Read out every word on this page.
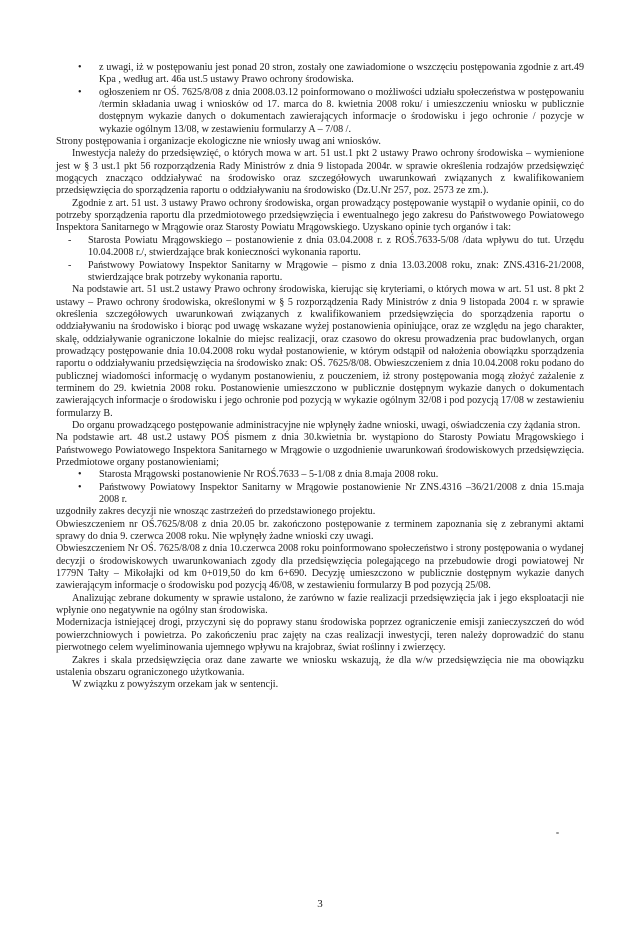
• z uwagi, iż w postępowaniu jest ponad 20 stron, zostały one zawiadomione o wszczęciu postępowania zgodnie z art.49 Kpa , według art. 46a ust.5 ustawy Prawo ochrony środowiska.
• ogłoszeniem nr OŚ. 7625/8/08 z dnia 2008.03.12 poinformowano o możliwości udziału społeczeństwa w postępowaniu /termin składania uwag i wniosków od 17. marca do 8. kwietnia 2008 roku/ i umieszczeniu wniosku w publicznie dostępnym wykazie danych o dokumentach zawierających informacje o środowisku i jego ochronie / pozycje w wykazie ogólnym 13/08, w zestawieniu formularzy A – 7/08 /.

Strony postępowania i organizacje ekologiczne nie wniosły uwag ani wniosków.

Inwestycja należy do przedsięwzięć, o których mowa w art. 51 ust.1 pkt 2 ustawy Prawo ochrony środowiska – wymienione jest w § 3 ust.1 pkt 56 rozporządzenia Rady Ministrów z dnia 9 listopada 2004r. w sprawie określenia rodzajów przedsięwzięć mogących znacząco oddziaływać na środowisko oraz szczegółowych uwarunkowań związanych z kwalifikowaniem przedsięwzięcia do sporządzenia raportu o oddziaływaniu na środowisko (Dz.U.Nr 257, poz. 2573 ze zm.).

Zgodnie z art. 51 ust. 3 ustawy Prawo ochrony środowiska, organ prowadzący postępowanie wystąpił o wydanie opinii, co do potrzeby sporządzenia raportu dla przedmiotowego przedsięwzięcia i ewentualnego jego zakresu do Państwowego Powiatowego Inspektora Sanitarnego w Mrągowie oraz Starosty Powiatu Mrągowskiego. Uzyskano opinie tych organów i tak:

- Starosta Powiatu Mrągowskiego – postanowienie z dnia 03.04.2008 r. z ROŚ.7633-5/08 /data wpływu do tut. Urzędu 10.04.2008 r./, stwierdzające brak konieczności wykonania raportu.
- Państwowy Powiatowy Inspektor Sanitarny w Mrągowie – pismo z dnia 13.03.2008 roku, znak: ZNS.4316-21/2008, stwierdzające brak potrzeby wykonania raportu.

Na podstawie art. 51 ust.2 ustawy Prawo ochrony środowiska, kierując się kryteriami, o których mowa w art. 51 ust. 8 pkt 2 ustawy – Prawo ochrony środowiska, określonymi w § 5 rozporządzenia Rady Ministrów z dnia 9 listopada 2004 r. w sprawie określenia szczegółowych uwarunkowań związanych z kwalifikowaniem przedsięwzięcia do sporządzenia raportu o oddziaływaniu na środowisko i biorąc pod uwagę wskazane wyżej postanowienia opiniujące, oraz ze względu na jego charakter, skalę, oddziaływanie ograniczone lokalnie do miejsc realizacji, oraz czasowo do okresu prowadzenia prac budowlanych, organ prowadzący postępowanie dnia 10.04.2008 roku wydał postanowienie, w którym odstąpił od nałożenia obowiązku sporządzenia raportu o oddziaływaniu przedsięwzięcia na środowisko znak: OŚ. 7625/8/08. Obwieszczeniem z dnia 10.04.2008 roku podano do publicznej wiadomości informację o wydanym postanowieniu, z pouczeniem, iż strony postępowania mogą złożyć zażalenie z terminem do 29. kwietnia 2008 roku. Postanowienie umieszczono w publicznie dostępnym wykazie danych o dokumentach zawierających informacje o środowisku i jego ochronie pod pozycją w wykazie ogólnym 32/08 i pod pozycją 17/08 w zestawieniu formularzy B.

Do organu prowadzącego postępowanie administracyjne nie wpłynęły żadne wnioski, uwagi, oświadczenia czy żądania stron.

Na podstawie art. 48 ust.2 ustawy POŚ pismem z dnia 30.kwietnia br. wystąpiono do Starosty Powiatu Mrągowskiego i Państwowego Powiatowego Inspektora Sanitarnego w Mrągowie o uzgodnienie uwarunkowań środowiskowych przedsięwzięcia. Przedmiotowe organy postanowieniami;

• Starosta Mrągowski postanowienie Nr ROŚ.7633 – 5-1/08 z dnia 8.maja 2008 roku.
• Państwowy Powiatowy Inspektor Sanitarny w Mrągowie postanowienie Nr ZNS.4316 –36/21/2008 z dnia 15.maja 2008 r.

uzgodniły zakres decyzji nie wnosząc zastrzeżeń do przedstawionego projektu.

Obwieszczeniem nr OŚ.7625/8/08 z dnia 20.05 br. zakończono postępowanie z terminem zapoznania się z zebranymi aktami sprawy do dnia 9. czerwca 2008 roku. Nie wpłynęły żadne wnioski czy uwagi.

Obwieszczeniem Nr OŚ. 7625/8/08 z dnia 10.czerwca 2008 roku poinformowano społeczeństwo i strony postępowania o wydanej decyzji o środowiskowych uwarunkowaniach zgody dla przedsięwzięcia polegającego na przebudowie drogi powiatowej Nr 1779N Tałty – Mikołajki od km 0+019,50 do km 6+690. Decyzję umieszczono w publicznie dostępnym wykazie danych zawierającym informacje o środowisku pod pozycją 46/08, w zestawieniu formularzy B pod pozycją 25/08.

Analizując zebrane dokumenty w sprawie ustalono, że zarówno w fazie realizacji przedsięwzięcia jak i jego eksploatacji nie wpłynie ono negatywnie na ogólny stan środowiska.

Modernizacja istniejącej drogi, przyczyni się do poprawy stanu środowiska poprzez ograniczenie emisji zanieczyszczeń do wód powierzchniowych i powietrza. Po zakończeniu prac zajęty na czas realizacji inwestycji, teren należy doprowadzić do stanu pierwotnego celem wyeliminowania ujemnego wpływu na krajobraz, świat roślinny i zwierzęcy.

Zakres i skala przedsięwzięcia oraz dane zawarte we wniosku wskazują, że dla w/w przedsięwzięcia nie ma obowiązku ustalenia obszaru ograniczonego użytkowania.

W związku z powyższym orzekam jak w sentencji.

3
